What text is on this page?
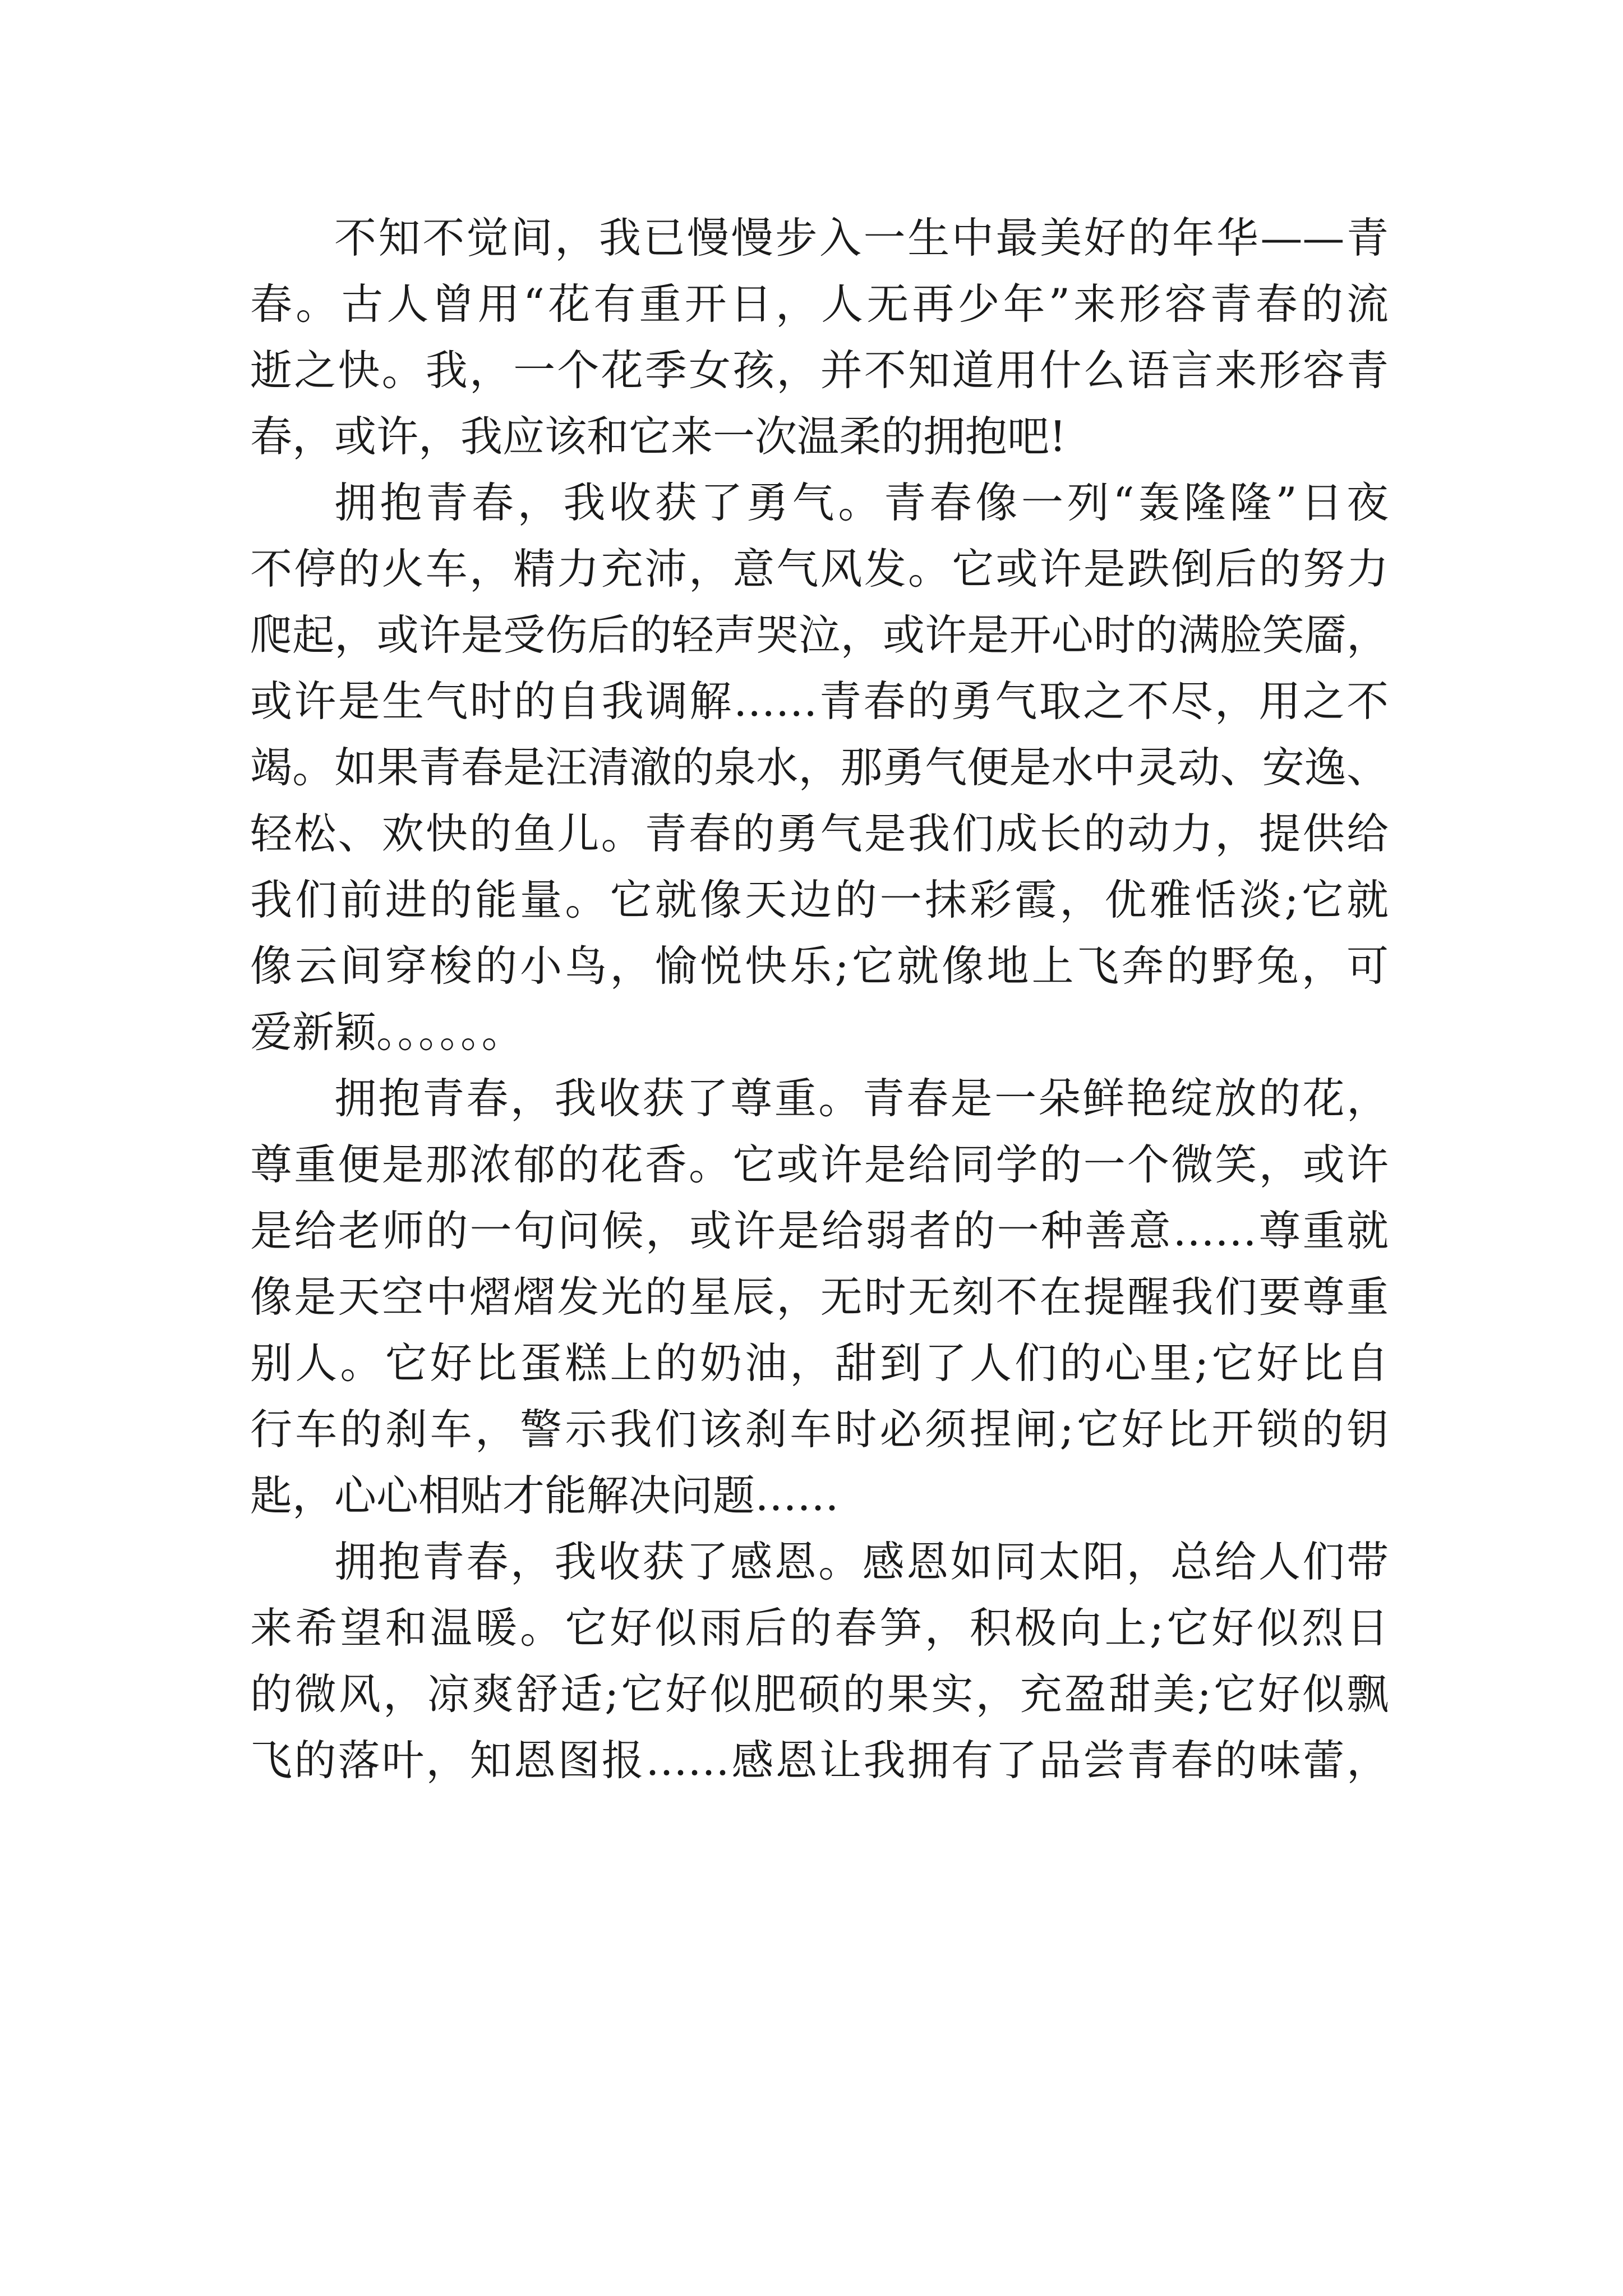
不知不觉间，我已慢慢步入一生中最美好的年华——青
春。古人曾用“花有重开日，人无再少年”来形容青春的流
逝之快。我，一个花季女孩，并不知道用什么语言来形容青
春，或许，我应该和它来一次温柔的拥抱吧!
拥抱青春，我收获了勇气。青春像一列“轰隆隆”日夜
不停的火车，精力充沛，意气风发。它或许是跌倒后的努力
爬起，或许是受伤后的轻声哭泣，或许是开心时的满脸笑靥，
或许是生气时的自我调解……青春的勇气取之不尽，用之不
竭。如果青春是汪清澈的泉水，那勇气便是水中灵动、安逸、
轻松、欢快的鱼儿。青春的勇气是我们成长的动力，提供给
我们前进的能量。它就像天边的一抹彩霞，优雅恬淡;它就
像云间穿梭的小鸟，愉悦快乐;它就像地上飞奔的野兔，可
爱新颖。。。。。。
拥抱青春，我收获了尊重。青春是一朵鲜艳绽放的花，
尊重便是那浓郁的花香。它或许是给同学的一个微笑，或许
是给老师的一句问候，或许是给弱者的一种善意……尊重就
像是天空中熠熠发光的星辰，无时无刻不在提醒我们要尊重
别人。它好比蛋糕上的奶油，甜到了人们的心里;它好比自
行车的刹车，警示我们该刹车时必须捏闸;它好比开锁的钥
匙，心心相贴才能解决问题……
拥抱青春，我收获了感恩。感恩如同太阳，总给人们带
来希望和温暖。它好似雨后的春笋，积极向上;它好似烈日
的微风，凉爽舒适;它好似肥硕的果实，充盈甜美;它好似飘
飞的落叶，知恩图报……感恩让我拥有了品尝青春的味蕾，
